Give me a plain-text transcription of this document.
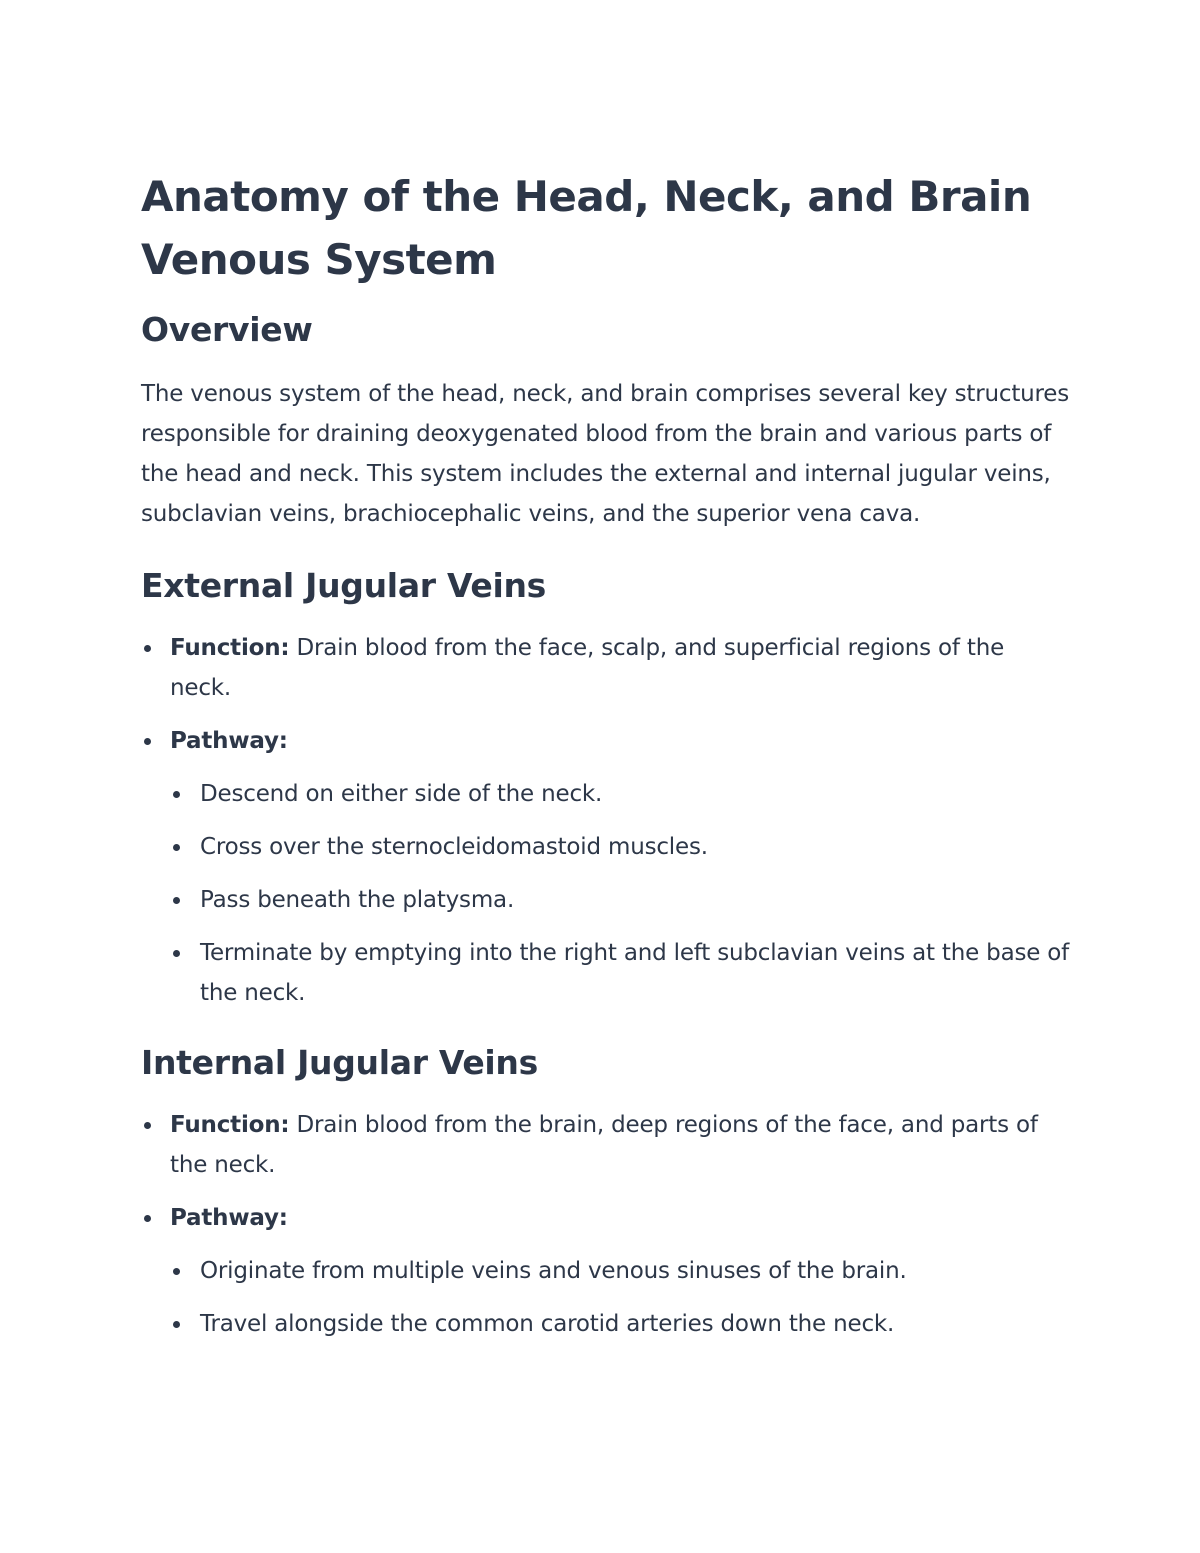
Anatomy of the Head, Neck, and Brain Venous System
Overview

The venous system of the head, neck, and brain comprises several key structures responsible for draining deoxygenated blood from the brain and various parts of the head and neck. This system includes the external and internal jugular veins, subclavian veins, brachiocephalic veins, and the superior vena cava.

External Jugular Veins
Function: Drain blood from the face, scalp, and superficial regions of the neck.
Pathway:
Descend on either side of the neck.
Cross over the sternocleidomastoid muscles.
Pass beneath the platysma.
Terminate by emptying into the right and left subclavian veins at the base of the neck.
Internal Jugular Veins
Function: Drain blood from the brain, deep regions of the face, and parts of the neck.
Pathway:
Originate from multiple veins and venous sinuses of the brain.
Travel alongside the common carotid arteries down the neck.
